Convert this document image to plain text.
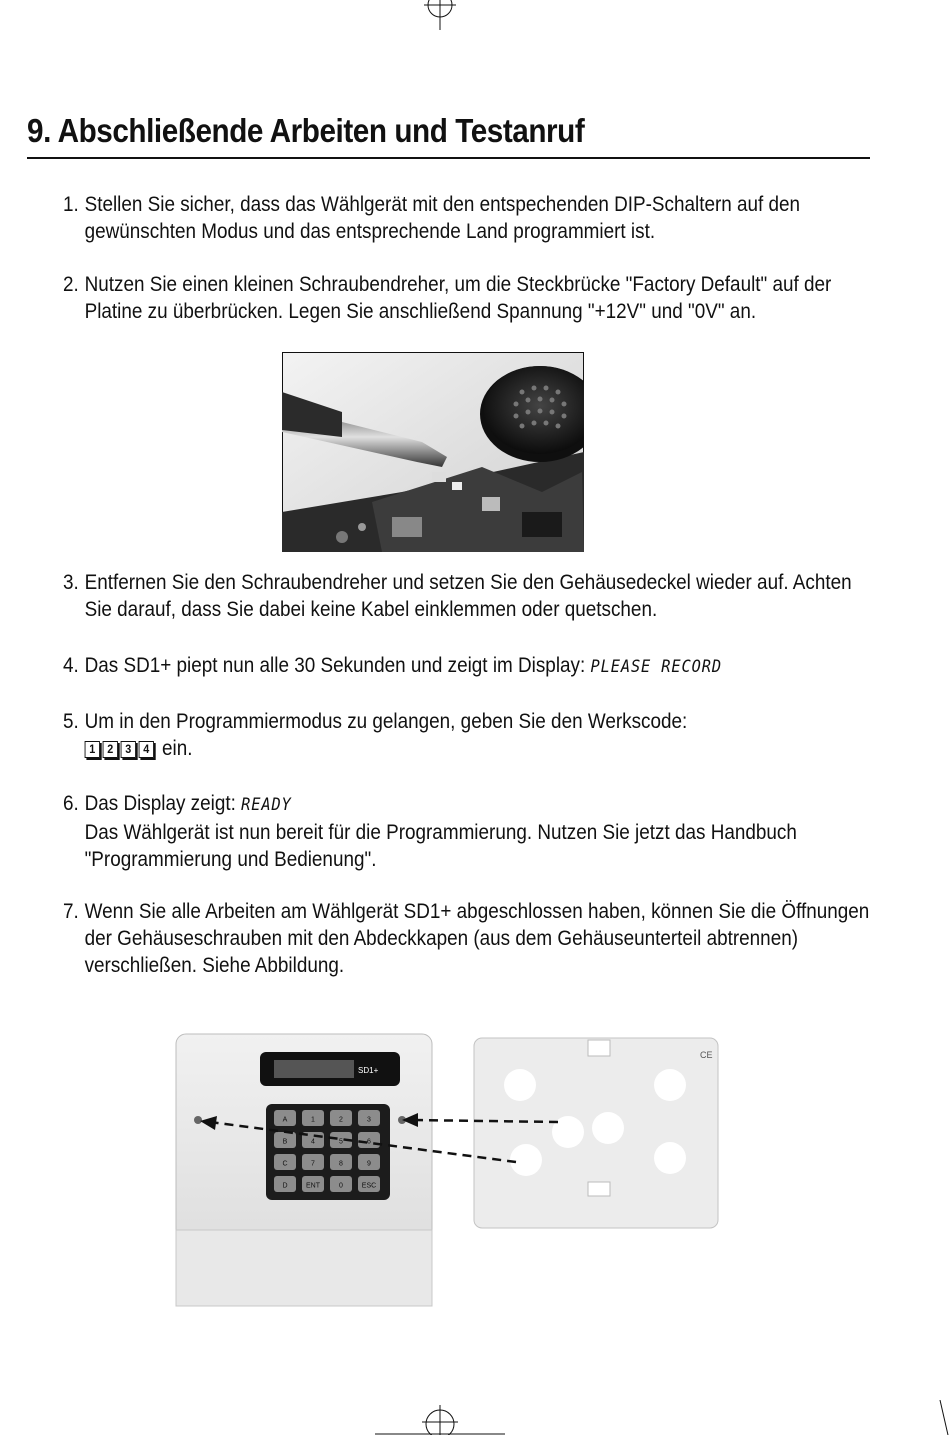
9. Abschließende Arbeiten und Testanruf
1. Stellen Sie sicher, dass das Wählgerät mit den entspechenden DIP-Schaltern auf den gewünschten Modus und das entsprechende Land programmiert ist.
2. Nutzen Sie einen kleinen Schraubendreher, um die Steckbrücke "Factory Default" auf der Platine zu überbrücken. Legen Sie anschließend Spannung "+12V" und "0V" an.
3. Entfernen Sie den Schraubendreher und setzen Sie den Gehäusedeckel wieder auf. Achten Sie darauf, dass Sie dabei keine Kabel einklemmen oder quetschen.
4. Das SD1+ piept nun alle 30 Sekunden und zeigt im Display: PLEASE RECORD
5. Um in den Programmiermodus zu gelangen, geben Sie den Werkscode:
1 2 3 4 ein.
6. Das Display zeigt: READY
Das Wählgerät ist nun bereit für die Programmierung. Nutzen Sie jetzt das Handbuch "Programmierung und Bedienung".
7. Wenn Sie alle Arbeiten am Wählgerät SD1+ abgeschlossen haben, können Sie die Öffnungen der Gehäuseschrauben mit den Abdeckkapen (aus dem Gehäuseunterteil abtrennen) verschließen. Siehe Abbildung.
SD1+
A	1	2	3
B	4	5	6
C	7	8	9
D	ENT	0	ESC
CE
